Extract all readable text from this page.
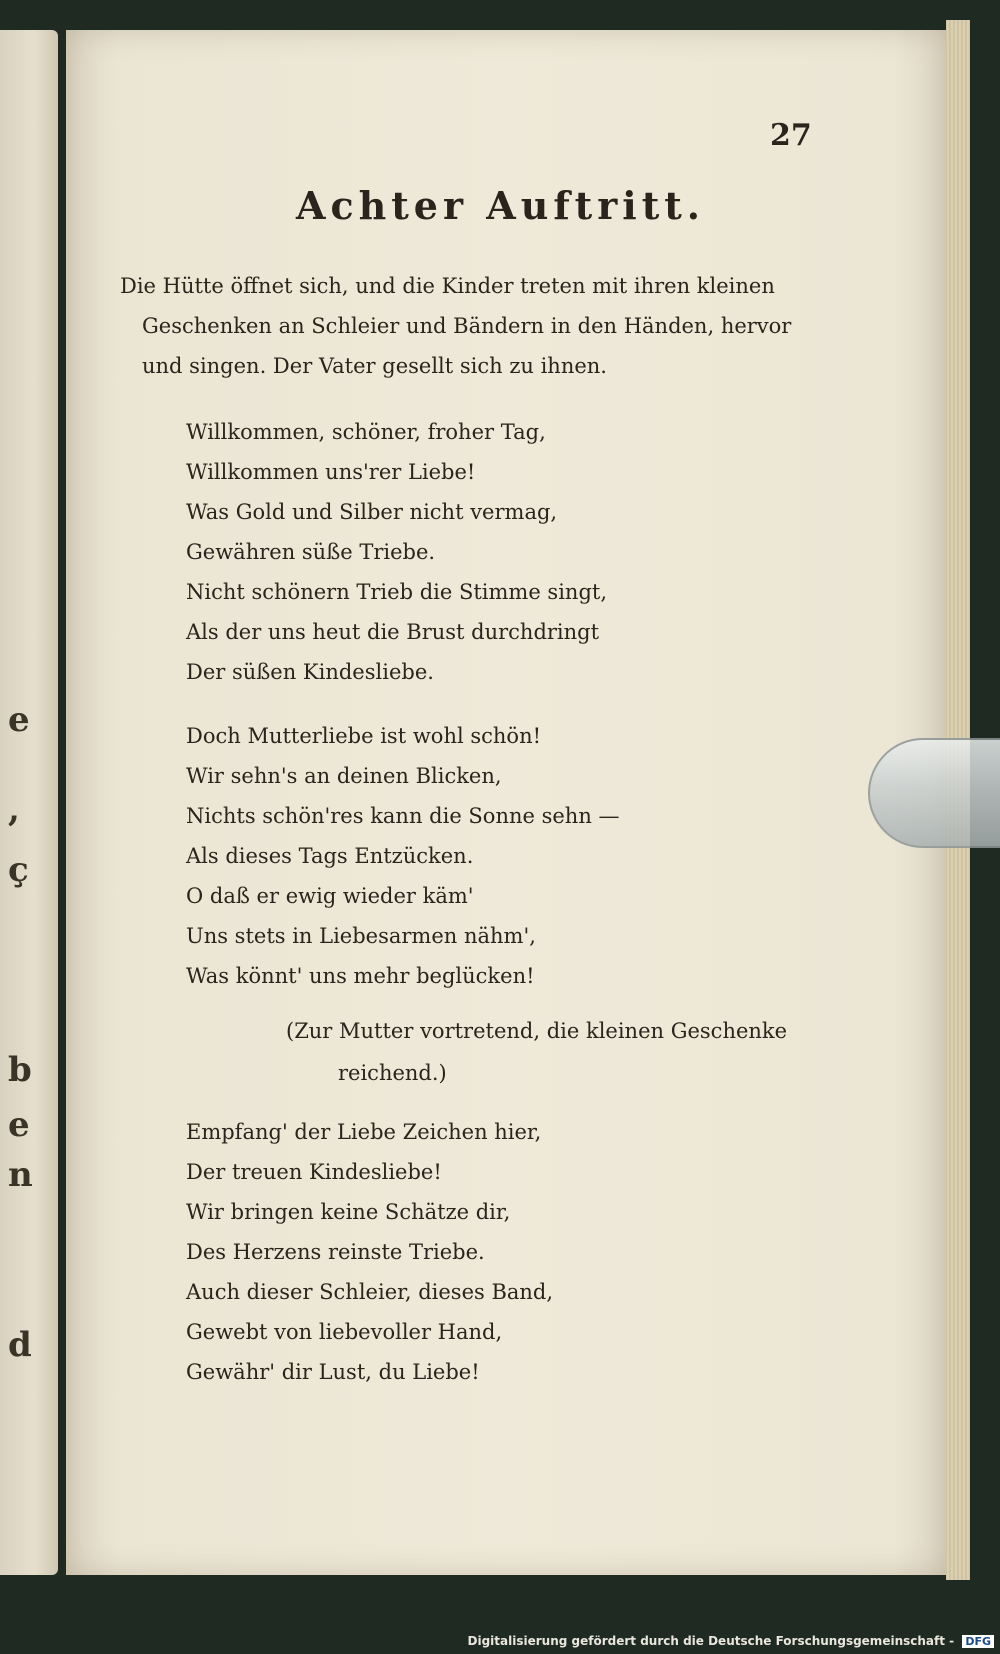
e
,
ç
b
e
n
d
27
Achter Auftritt.
Die Hütte öffnet sich, und die Kinder treten mit ihren kleinen
Geschenken an Schleier und Bändern in den Händen, hervor
und singen. Der Vater gesellt sich zu ihnen.
Willkommen, schöner, froher Tag,
Willkommen uns'rer Liebe!
Was Gold und Silber nicht vermag,
Gewähren süße Triebe.
Nicht schönern Trieb die Stimme singt,
Als der uns heut die Brust durchdringt
Der süßen Kindesliebe.
Doch Mutterliebe ist wohl schön!
Wir sehn's an deinen Blicken,
Nichts schön'res kann die Sonne sehn —
Als dieses Tags Entzücken.
O daß er ewig wieder käm'
Uns stets in Liebesarmen nähm',
Was könnt' uns mehr beglücken!
(Zur Mutter vortretend, die kleinen Geschenke
reichend.)
Empfang' der Liebe Zeichen hier,
Der treuen Kindesliebe!
Wir bringen keine Schätze dir,
Des Herzens reinste Triebe.
Auch dieser Schleier, dieses Band,
Gewebt von liebevoller Hand,
Gewähr' dir Lust, du Liebe!
Digitalisierung gefördert durch die Deutsche Forschungsgemeinschaft - DFG
